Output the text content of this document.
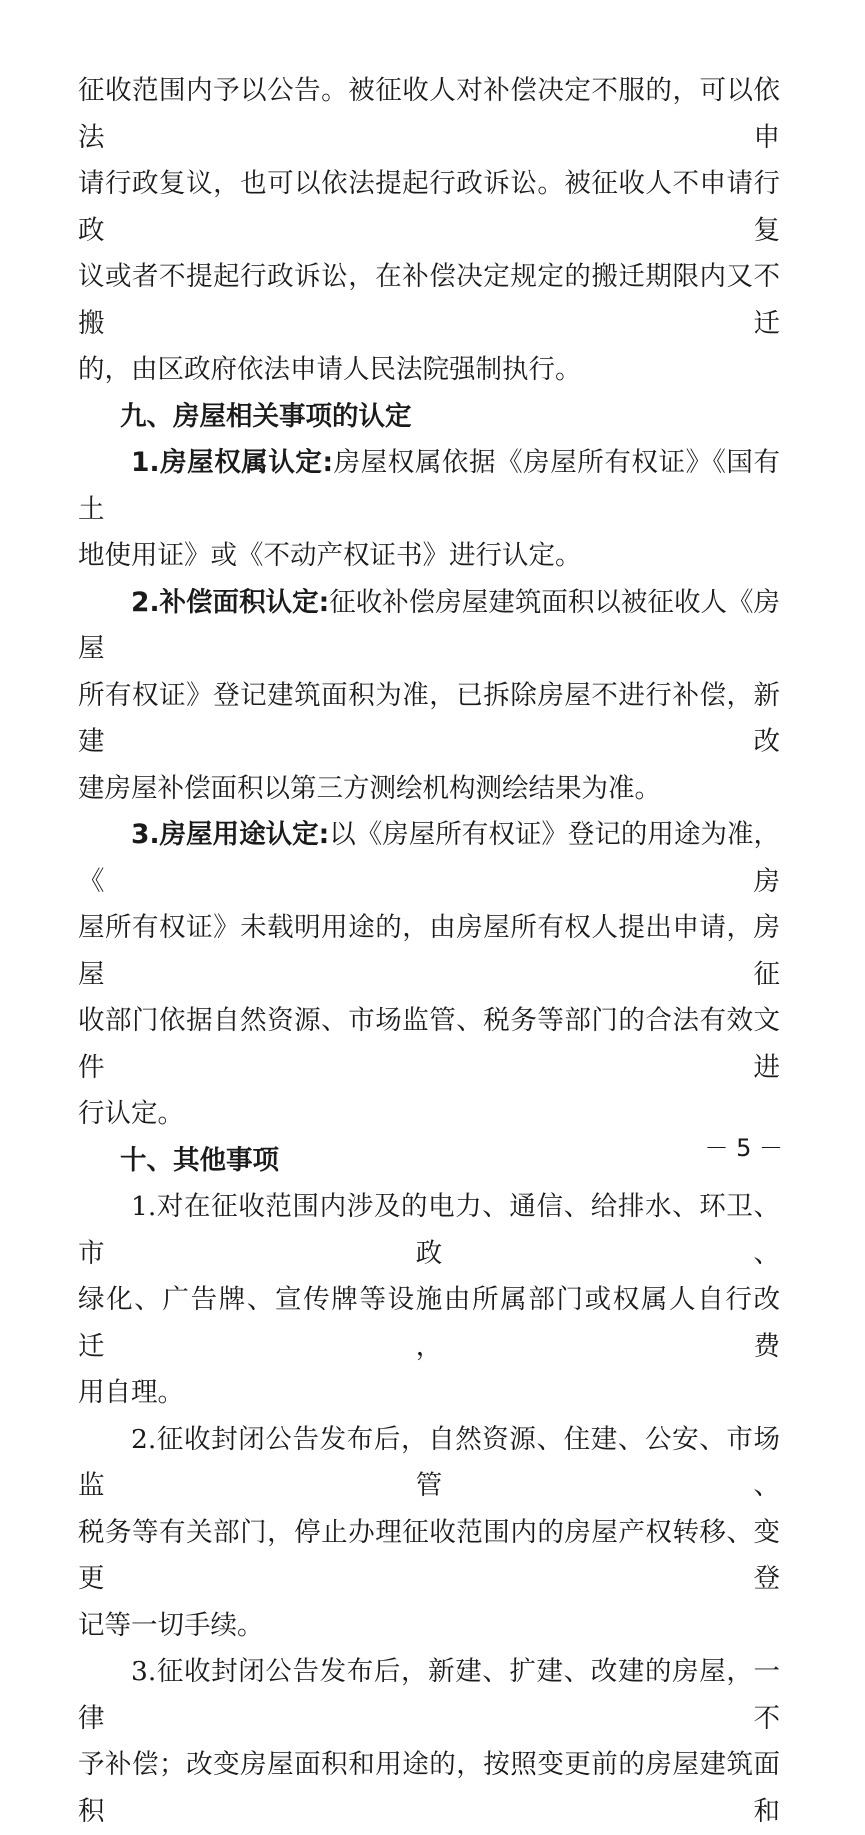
征收范围内予以公告。被征收人对补偿决定不服的，可以依法申

请行政复议，也可以依法提起行政诉讼。被征收人不申请行政复

议或者不提起行政诉讼，在补偿决定规定的搬迁期限内又不搬迁

的，由区政府依法申请人民法院强制执行。

九、房屋相关事项的认定

1.房屋权属认定:房屋权属依据《房屋所有权证》《国有土

地使用证》或《不动产权证书》进行认定。

2.补偿面积认定:征收补偿房屋建筑面积以被征收人《房屋

所有权证》登记建筑面积为准，已拆除房屋不进行补偿，新建改

建房屋补偿面积以第三方测绘机构测绘结果为准。

3.房屋用途认定:以《房屋所有权证》登记的用途为准，《房

屋所有权证》未载明用途的，由房屋所有权人提出申请，房屋征

收部门依据自然资源、市场监管、税务等部门的合法有效文件进

行认定。

十、其他事项

1.对在征收范围内涉及的电力、通信、给排水、环卫、市政、

绿化、广告牌、宣传牌等设施由所属部门或权属人自行改迁，费

用自理。

2.征收封闭公告发布后，自然资源、住建、公安、市场监管、

税务等有关部门，停止办理征收范围内的房屋产权转移、变更登

记等一切手续。

3.征收封闭公告发布后，新建、扩建、改建的房屋，一律不

予补偿；改变房屋面积和用途的，按照变更前的房屋建筑面积和

－ 5 －
